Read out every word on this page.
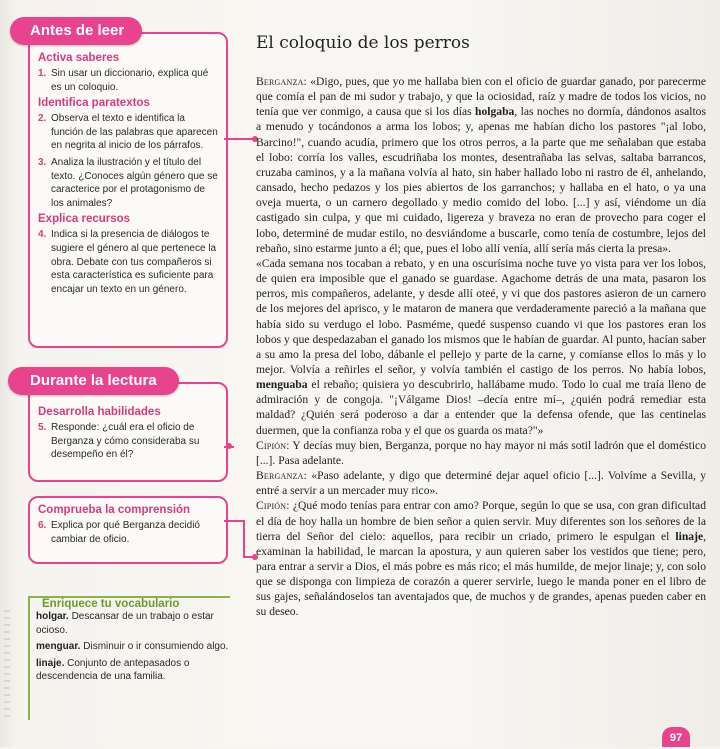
Activa saberes
1. Sin usar un diccionario, explica qué es un coloquio.
Identifica paratextos
2. Observa el texto e identifica la función de las palabras que aparecen en negrita al inicio de los párrafos.
3. Analiza la ilustración y el título del texto. ¿Conoces algún género que se caracterice por el protagonismo de los animales?
Explica recursos
4. Indica si la presencia de diálogos te sugiere el género al que pertenece la obra. Debate con tus compañeros si esta característica es suficiente para encajar un texto en un género.
Antes de leer
Desarrolla habilidades
5. Responde: ¿cuál era el oficio de Berganza y cómo consideraba su desempeño en él?
Durante la lectura
Comprueba la comprensión
6. Explica por qué Berganza decidió cambiar de oficio.
holgar. Descansar de un trabajo o estar ocioso.
menguar. Disminuir o ir consumiendo algo.
linaje. Conjunto de antepasados o descendencia de una familia.
Enriquece tu vocabulario
El coloquio de los perros

Berganza: «Digo, pues, que yo me hallaba bien con el oficio de guardar ganado, por parecerme que comía el pan de mi sudor y trabajo, y que la ociosidad, raíz y madre de todos los vicios, no tenía que ver conmigo, a causa que si los días holgaba, las noches no dormía, dándonos asaltos a menudo y tocándonos a arma los lobos; y, apenas me habían dicho los pastores "¡al lobo, Barcino!", cuando acudía, primero que los otros perros, a la parte que me señalaban que estaba el lobo: corría los valles, escudriñaba los montes, desentrañaba las selvas, saltaba barrancos, cruzaba caminos, y a la mañana volvía al hato, sin haber hallado lobo ni rastro de él, anhelando, cansado, hecho pedazos y los pies abiertos de los garranchos; y hallaba en el hato, o ya una oveja muerta, o un carnero degollado y medio comido del lobo. [...] y así, viéndome un día castigado sin culpa, y que mi cuidado, ligereza y braveza no eran de provecho para coger el lobo, determiné de mudar estilo, no desviándome a buscarle, como tenía de costumbre, lejos del rebaño, sino estarme junto a él; que, pues el lobo allí venía, allí sería más cierta la presa».

«Cada semana nos tocaban a rebato, y en una oscurísima noche tuve yo vista para ver los lobos, de quien era imposible que el ganado se guardase. Agachome detrás de una mata, pasaron los perros, mis compañeros, adelante, y desde allí oteé, y vi que dos pastores asieron de un carnero de los mejores del aprisco, y le mataron de manera que verdaderamente pareció a la mañana que había sido su verdugo el lobo. Pasméme, quedé suspenso cuando vi que los pastores eran los lobos y que despedazaban el ganado los mismos que le habían de guardar. Al punto, hacían saber a su amo la presa del lobo, dábanle el pellejo y parte de la carne, y comíanse ellos lo más y lo mejor. Volvía a reñirles el señor, y volvía también el castigo de los perros. No había lobos, menguaba el rebaño; quisiera yo descubrirlo, hallábame mudo. Todo lo cual me traía lleno de admiración y de congoja. "¡Válgame Dios! –decía entre mí–, ¿quién podrá remediar esta maldad? ¿Quién será poderoso a dar a entender que la defensa ofende, que las centinelas duermen, que la confianza roba y el que os guarda os mata?"»

Cipión: Y decías muy bien, Berganza, porque no hay mayor ni más sotil ladrón que el doméstico [...]. Pasa adelante.

Berganza: «Paso adelante, y digo que determiné dejar aquel oficio [...]. Volvíme a Sevilla, y entré a servir a un mercader muy rico».

Cipión: ¿Qué modo tenías para entrar con amo? Porque, según lo que se usa, con gran dificultad el día de hoy halla un hombre de bien señor a quien servir. Muy diferentes son los señores de la tierra del Señor del cielo: aquellos, para recibir un criado, primero le espulgan el linaje, examinan la habilidad, le marcan la apostura, y aun quieren saber los vestidos que tiene; pero, para entrar a servir a Dios, el más pobre es más rico; el más humilde, de mejor linaje; y, con solo que se disponga con limpieza de corazón a querer servirle, luego le manda poner en el libro de sus gajes, señalándoselos tan aventajados que, de muchos y de grandes, apenas pueden caber en su deseo.

97
